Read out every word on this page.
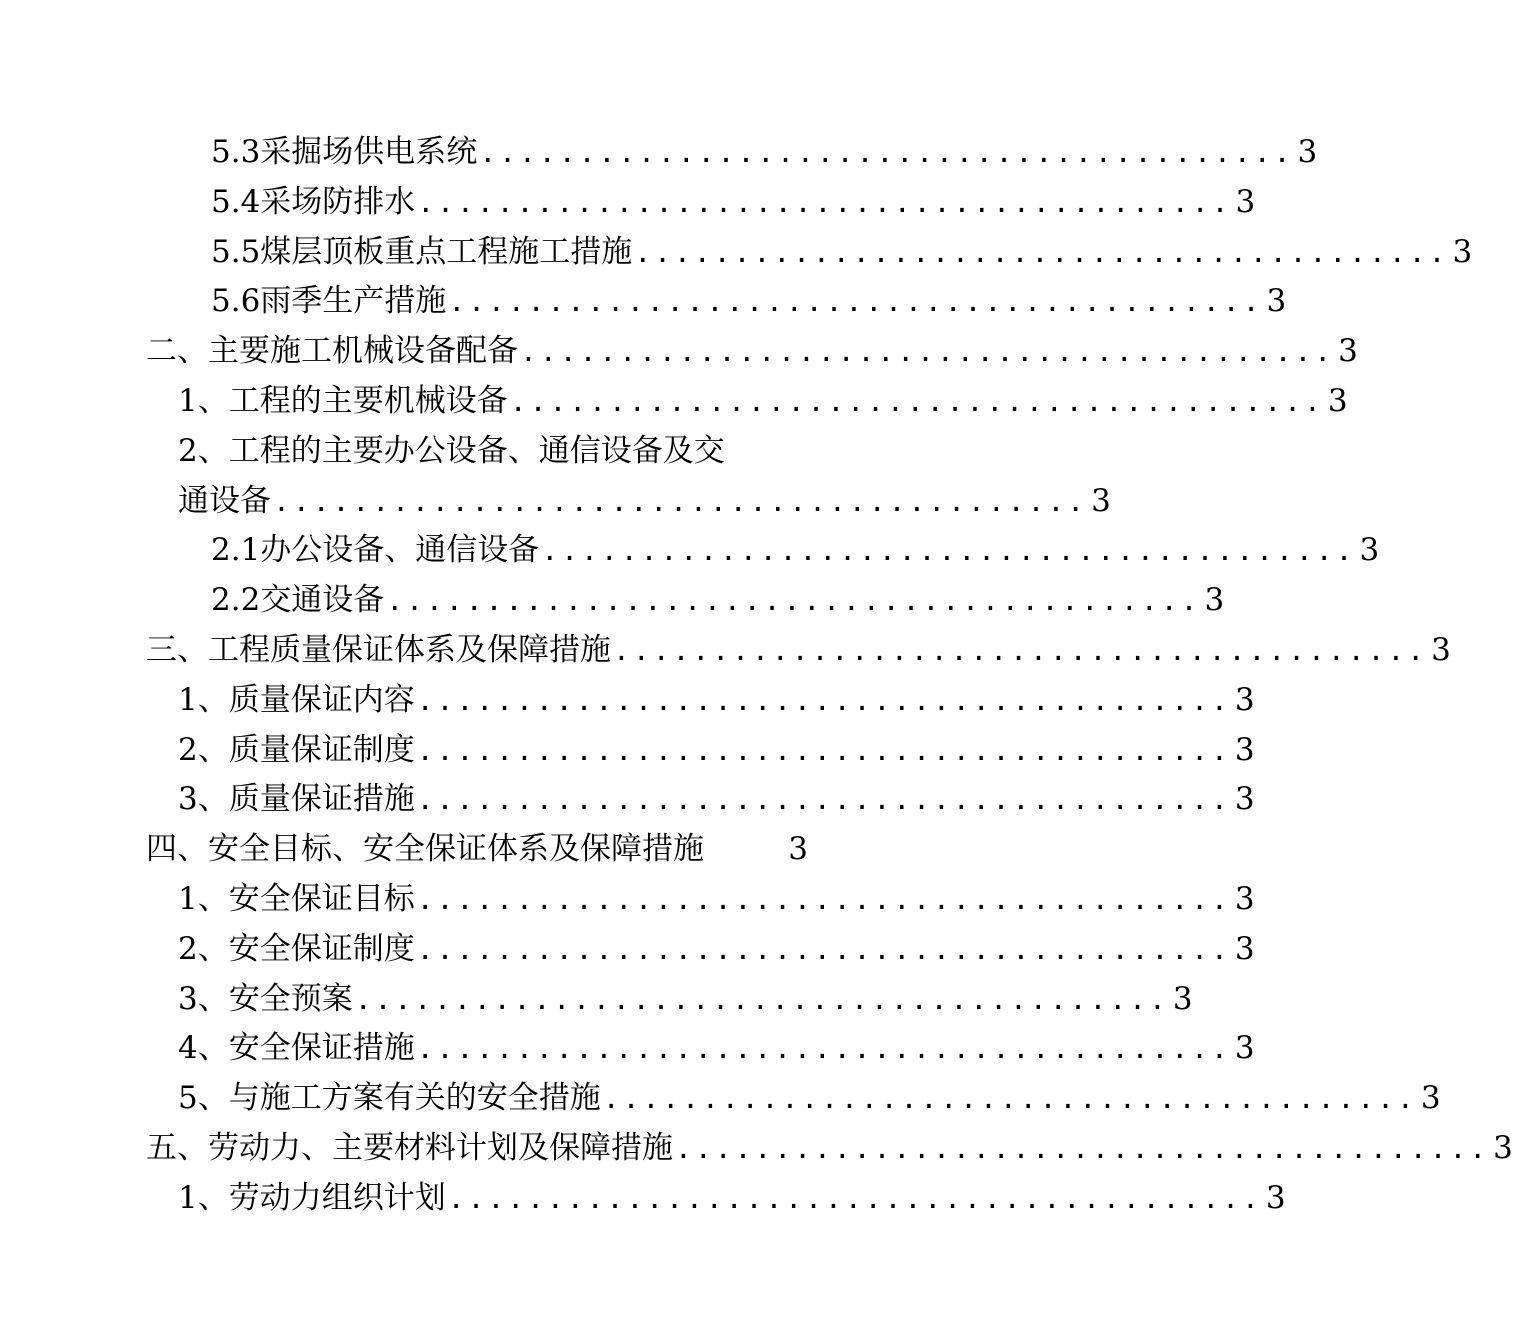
5.3采掘场供电系统 ......................................... 3
5.4采场防排水 ......................................... 3
5.5煤层顶板重点工程施工措施 ......................................... 3
5.6雨季生产措施 ......................................... 3
二、主要施工机械设备配备 ......................................... 3
1、工程的主要机械设备 ......................................... 3
2、工程的主要办公设备、通信设备及交
通设备 ......................................... 3
2.1办公设备、通信设备 ......................................... 3
2.2交通设备 ......................................... 3
三、工程质量保证体系及保障措施 ......................................... 3
1、质量保证内容 ......................................... 3
2、质量保证制度 ......................................... 3
3、质量保证措施 ......................................... 3
四、安全目标、安全保证体系及保障措施	3
1、安全保证目标 ......................................... 3
2、安全保证制度 ......................................... 3
3、安全预案 ......................................... 3
4、安全保证措施 ......................................... 3
5、与施工方案有关的安全措施 ......................................... 3
五、劳动力、主要材料计划及保障措施 ......................................... 3
1、劳动力组织计划 ......................................... 3
